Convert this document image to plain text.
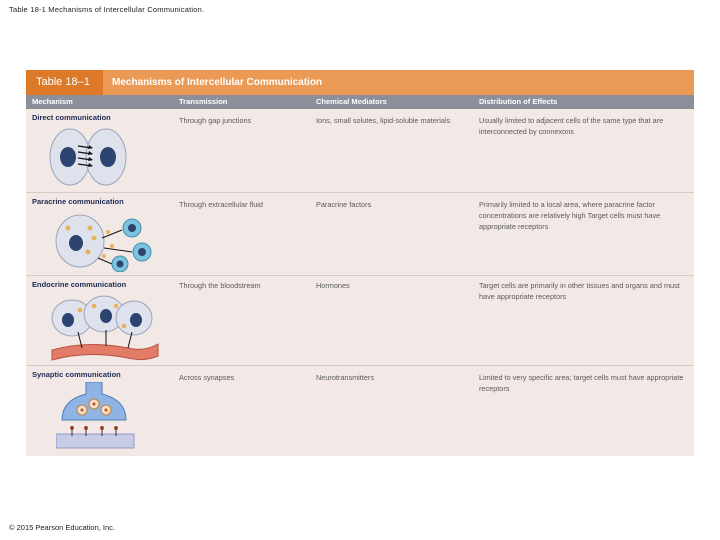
Table 18-1 Mechanisms of Intercellular Communication.
Table 18–1	Mechanisms of Intercellular Communication
Mechanism	Transmission	Chemical Mediators	Distribution of Effects
Direct communication	Through gap junctions	Ions, small solutes, lipid-soluble materials	Usually limited to adjacent cells of the same type that are interconnected by connexons
Paracrine communication	Through extracellular fluid	Paracrine factors	Primarily limited to a local area, where paracrine factor concentrations are relatively high Target cells must have appropriate receptors
Endocrine communication	Through the bloodstream	Hormones	Target cells are primarily in other tissues and organs and must have appropriate receptors
Synaptic communication	Across synapses	Neurotransmitters	Limited to very specific area; target cells must have appropriate receptors
© 2015 Pearson Education, Inc.
